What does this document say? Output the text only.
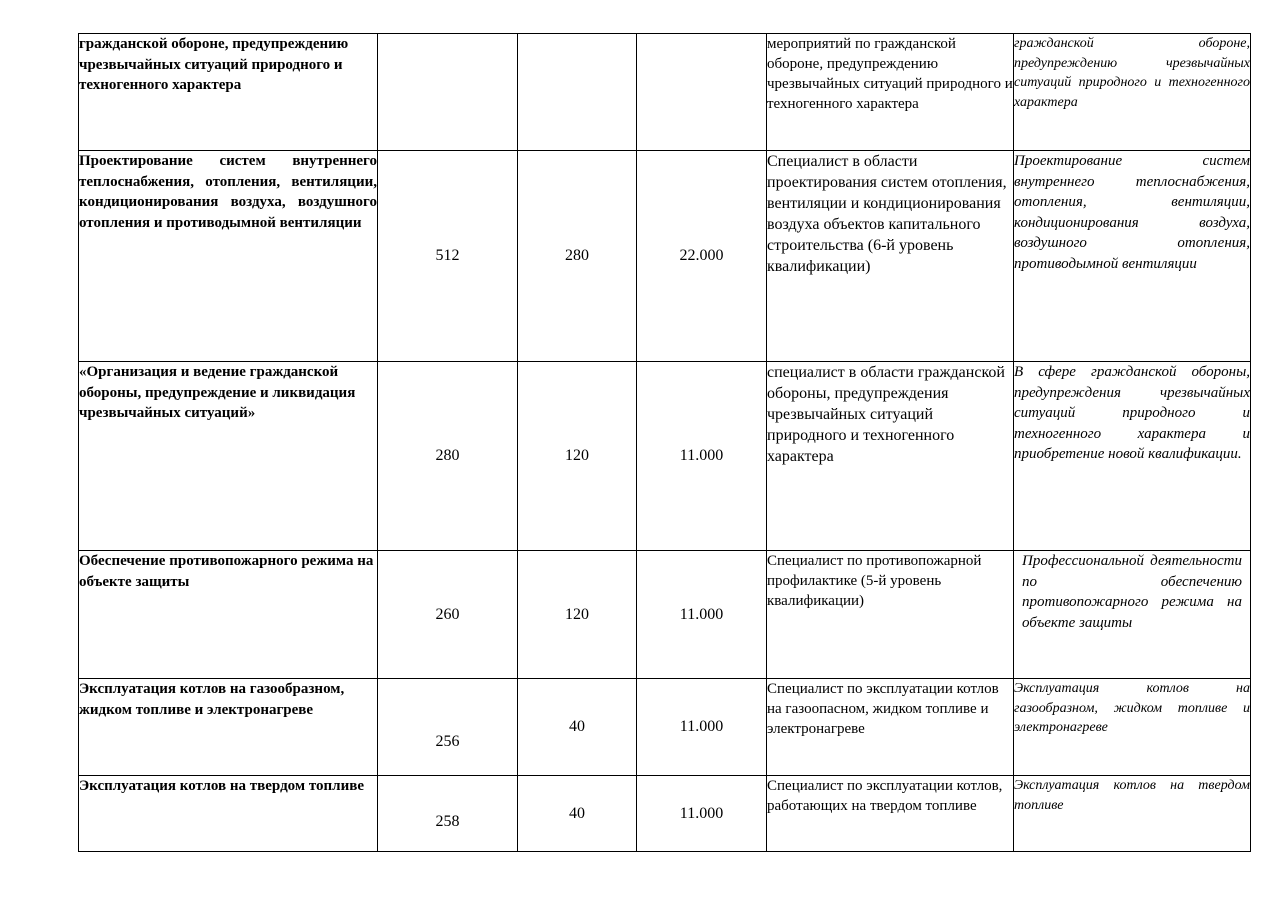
гражданской обороне, предупреждению чрезвычайных ситуаций природного и техногенного характера				мероприятий по гражданской обороне, предупреждению чрезвычайных ситуаций природного и техногенного характера	гражданской обороне, предупреждению чрезвычайных ситуаций природного и техногенного характера
Проектирование систем внутреннего теплоснабжения, отопления, вентиляции, кондиционирования воздуха, воздушного отопления и противодымной вентиляции	512	280	22.000	Специалист в области проектирования систем отопления, вентиляции и кондиционирования воздуха объектов капитального строительства (6-й уровень квалификации)	Проектирование систем внутреннего теплоснабжения, отопления, вентиляции, кондиционирования воздуха, воздушного отопления, противодымной вентиляции
«Организация и ведение гражданской обороны, предупреждение и ликвидация чрезвычайных ситуаций»	280	120	11.000	специалист в области гражданской обороны, предупреждения чрезвычайных ситуаций природного и техногенного характера	В сфере гражданской обороны, предупреждения чрезвычайных ситуаций природного и техногенного характера и приобретение новой квалификации.
Обеспечение противопожарного режима на объекте защиты	260	120	11.000	Специалист по противопожарной профилактике (5-й уровень квалификации)	Профессиональной деятельности по обеспечению противопожарного режима на объекте защиты
Эксплуатация котлов на газообразном, жидком топливе и электронагреве	256	40	11.000	Специалист по эксплуатации котлов на газоопасном, жидком топливе и электронагреве	Эксплуатация котлов на газообразном, жидком топливе и электронагреве
Эксплуатация котлов на твердом топливе	258	40	11.000	Специалист по эксплуатации котлов, работающих на твердом топливе	Эксплуатация котлов на твердом топливе
